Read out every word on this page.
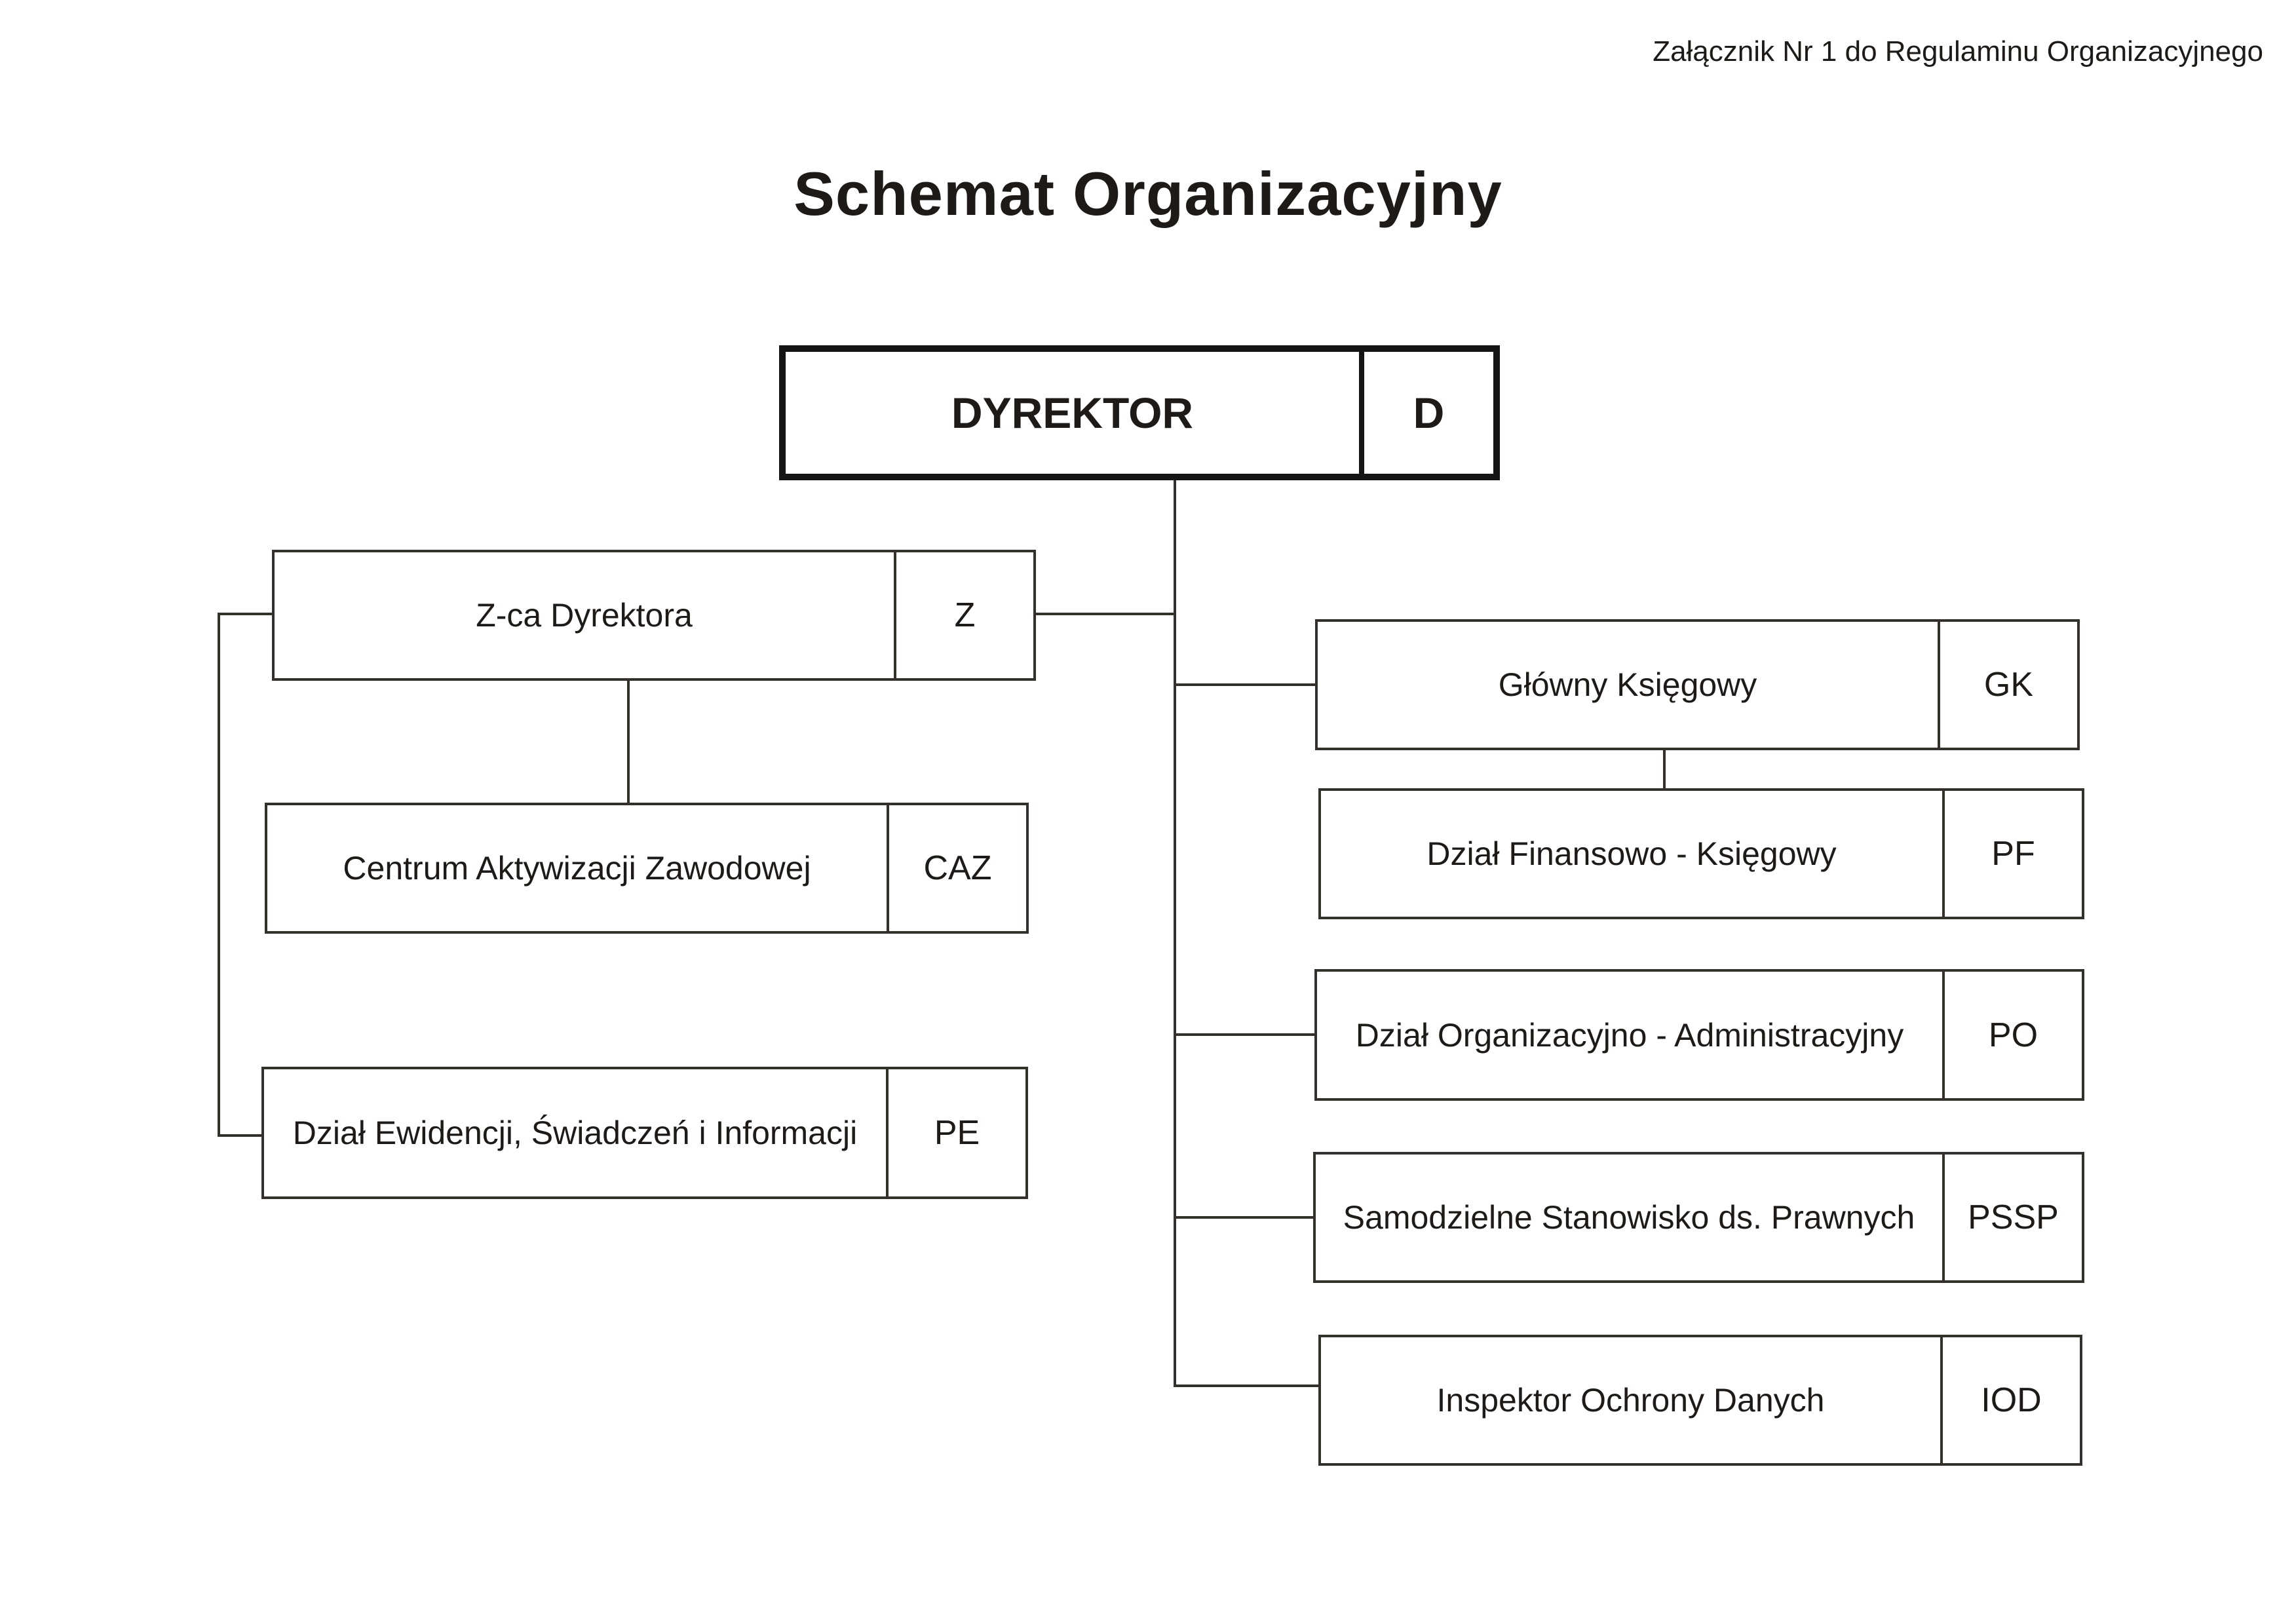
Załącznik Nr 1 do Regulaminu Organizacyjnego
Schemat Organizacyjny
DYREKTOR	D
Z-ca Dyrektora	Z
Centrum Aktywizacji Zawodowej	CAZ
Dział Ewidencji, Świadczeń i Informacji	PE
Główny Księgowy	GK
Dział Finansowo - Księgowy	PF
Dział Organizacyjno - Administracyjny	PO
Samodzielne Stanowisko ds. Prawnych	PSSP
Inspektor Ochrony Danych	IOD
